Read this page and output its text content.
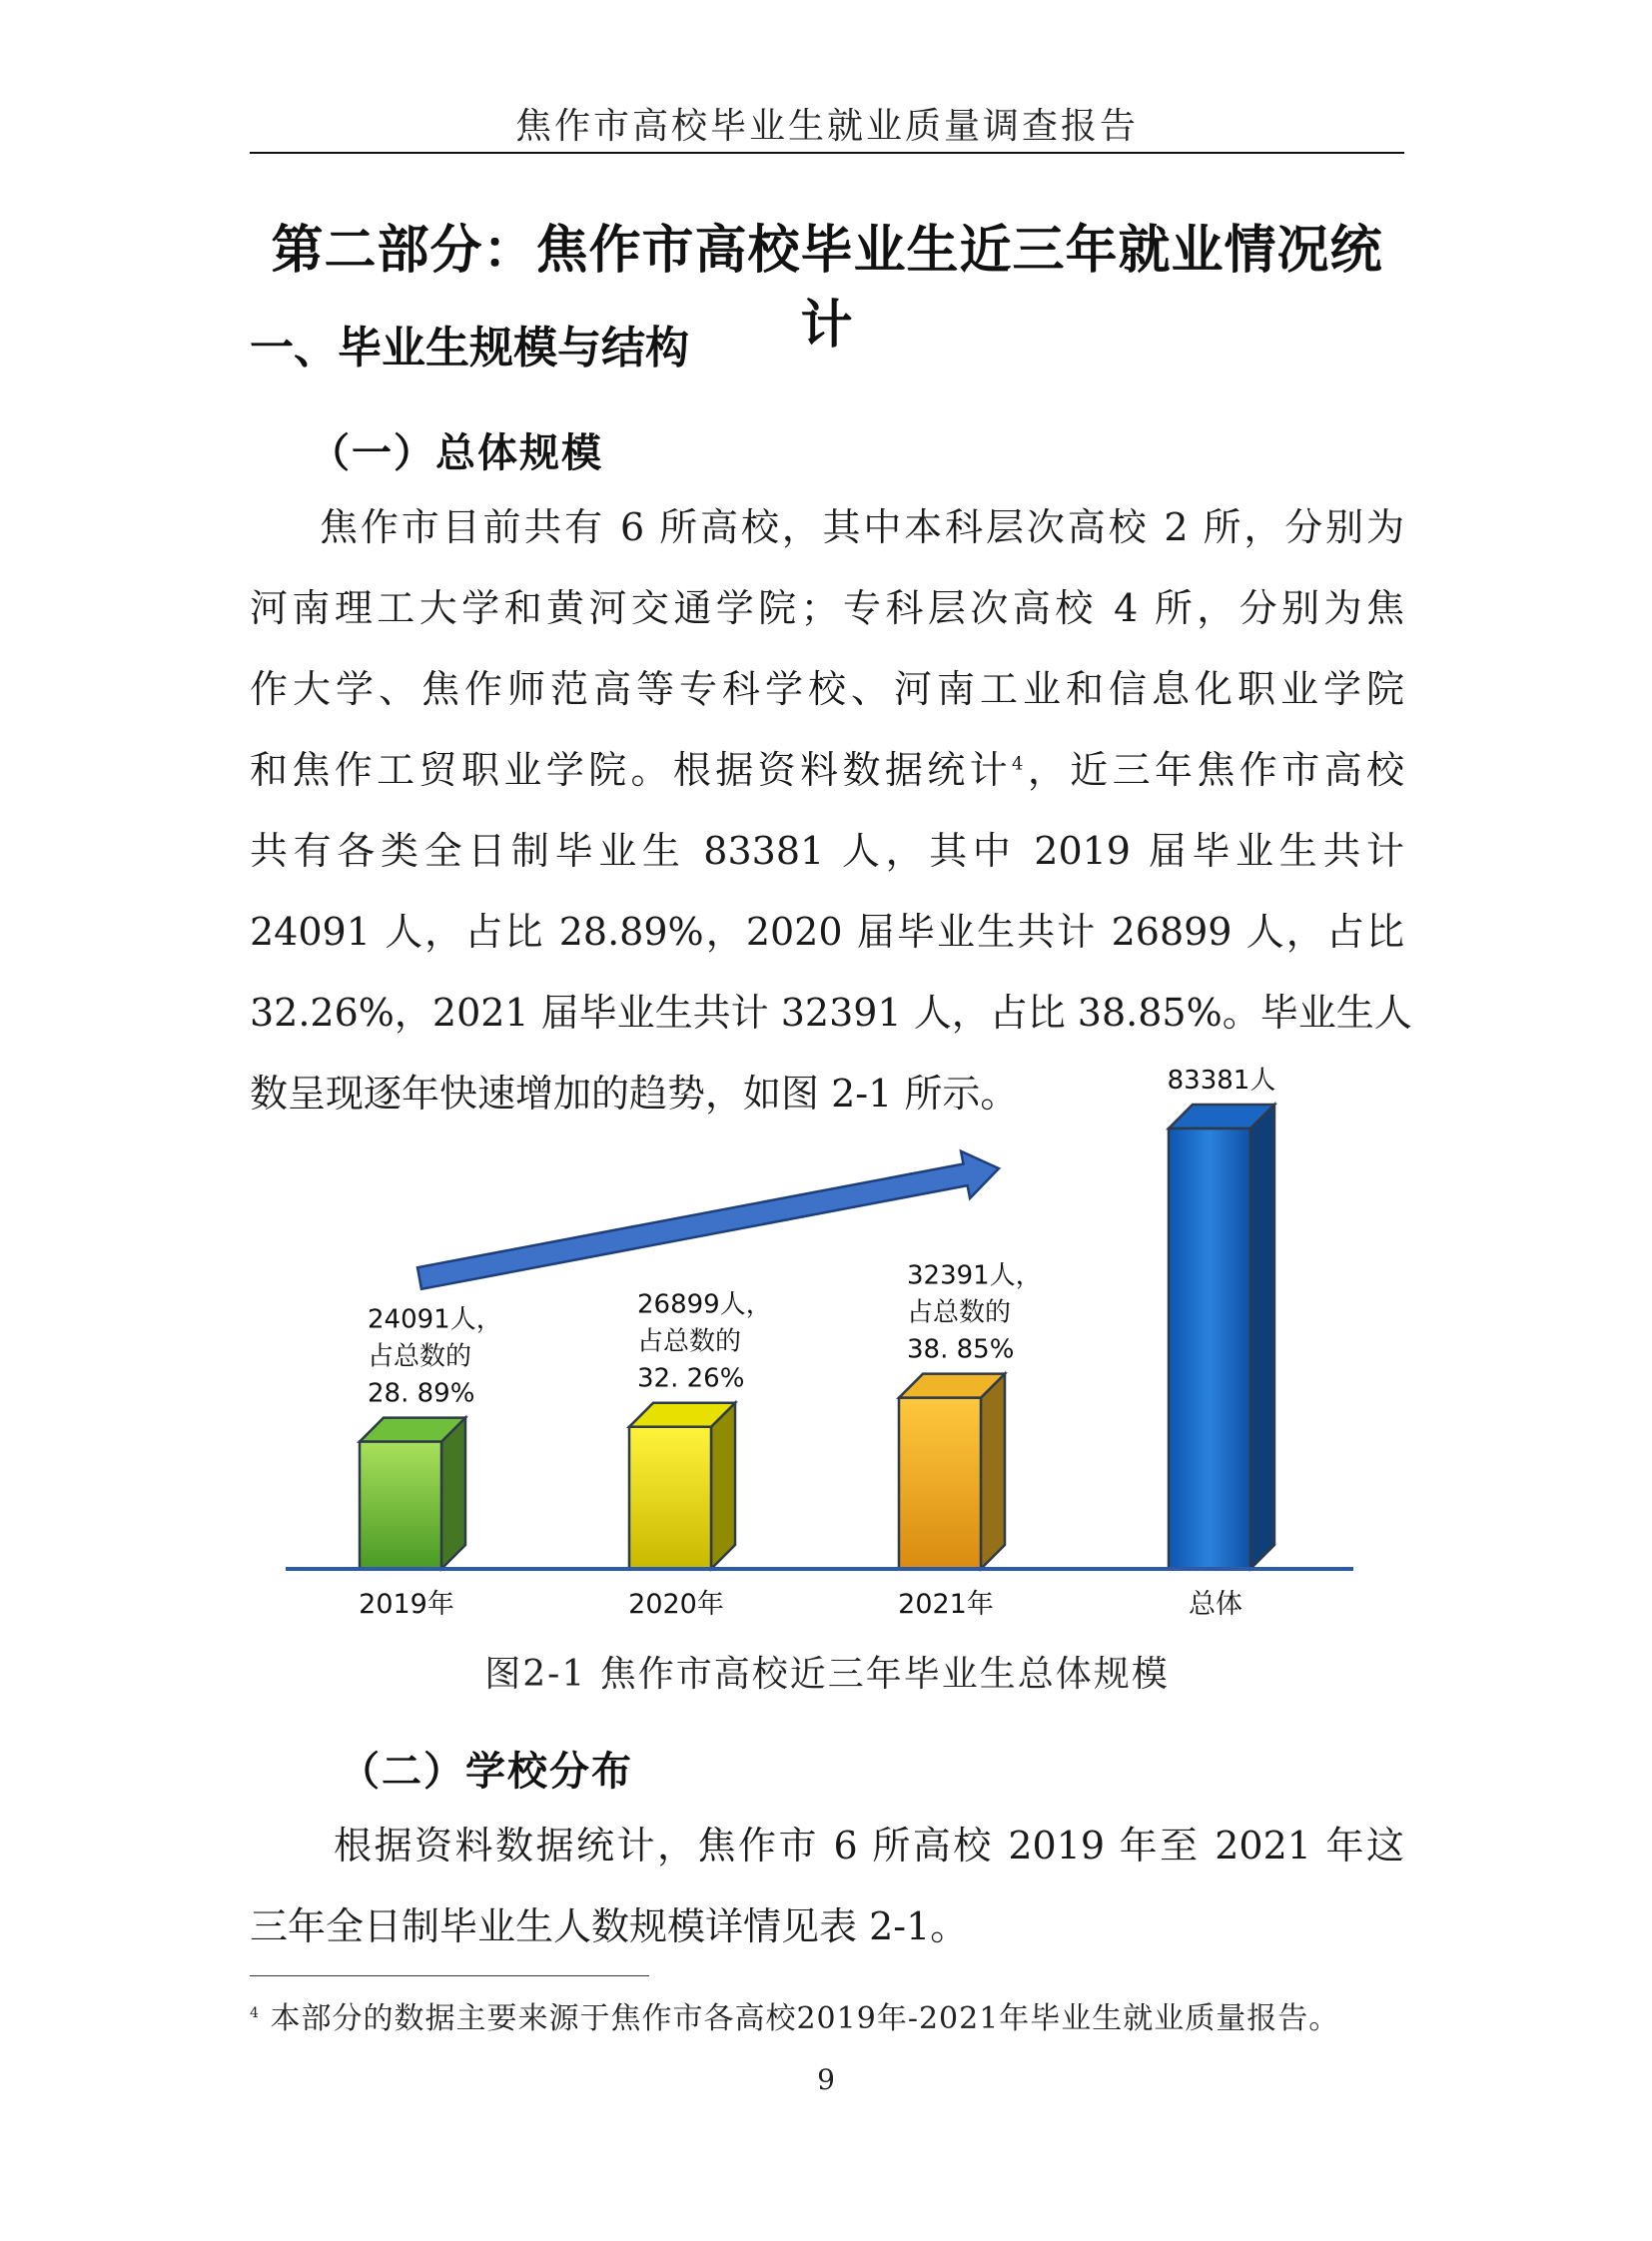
焦作市高校毕业生就业质量调查报告
第二部分：焦作市高校毕业生近三年就业情况统计
一、毕业生规模与结构
（一）总体规模
焦作市目前共有 6 所高校，其中本科层次高校 2 所，分别为
河南理工大学和黄河交通学院；专科层次高校 4 所，分别为焦
作大学、焦作师范高等专科学校、河南工业和信息化职业学院
和焦作工贸职业学院。根据资料数据统计$^4$，近三年焦作市高校
共有各类全日制毕业生 83381 人，其中 2019 届毕业生共计
24091 人，占比 28.89%，2020 届毕业生共计 26899 人，占比
32.26%，2021 届毕业生共计 32391 人，占比 38.85%。毕业生人
数呈现逐年快速增加的趋势，如图 2-1 所示。
24091人，
占总数的
28. 89%
2019年
26899人，
占总数的
32. 26%
2020年
32391人，
占总数的
38. 85%
2021年
83381人
总体
图2-1 焦作市高校近三年毕业生总体规模
（二）学校分布
根据资料数据统计，焦作市 6 所高校 2019 年至 2021 年这
三年全日制毕业生人数规模详情见表 2-1。
$^4$ 本部分的数据主要来源于焦作市各高校2019年-2021年毕业生就业质量报告。
9
